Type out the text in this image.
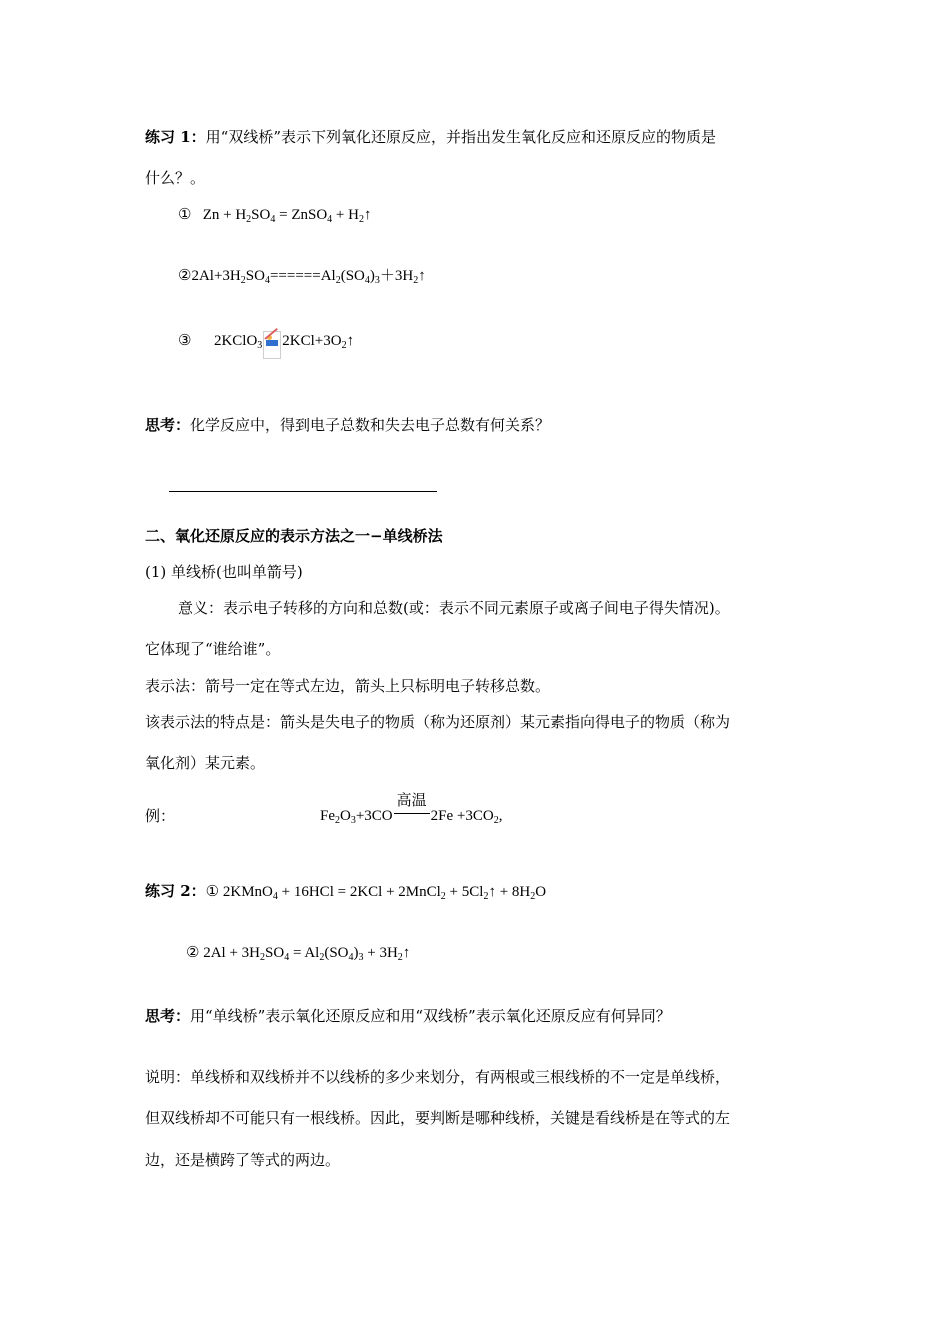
练习 1：用“双线桥”表示下列氧化还原反应，并指出发生氧化反应和还原反应的物质是
什么？。
① $Zn + H_2SO_4$ = ZnSO$_4$ + $H_2↑$
$②2Al+3H_2SO_4======Al_2(SO_4)_3+3H_2↑$
③ 2KClO$_3$ $2KCl+3O_2↑$
思考：化学反应中，得到电子总数和失去电子总数有何关系？
二、氧化还原反应的表示方法之一−单线桥法
(1) 单线桥(也叫单箭号)
意义：表示电子转移的方向和总数(或：表示不同元素原子或离子间电子得失情况)。
它体现了“谁给谁”。
表示法：箭号一定在等式左边，箭头上只标明电子转移总数。
该表示法的特点是：箭头是失电子的物质（称为还原剂）某元素指向得电子的物质（称为
氧化剂）某元素。
例：	$Fe_2O_3+3CO$
高温
$2Fe +3CO_2$,
练习 2：① 2KMnO$_4$ + 16HCl = 2KCl + 2MnCl$_2$ + $5Cl_2↑ + 8H_2O$
② $2Al + 3H_2SO_4 = Al_2(SO_4)_3$ + $3H_2↑$
思考：用“单线桥”表示氧化还原反应和用“双线桥”表示氧化还原反应有何异同？
说明：单线桥和双线桥并不以线桥的多少来划分，有两根或三根线桥的不一定是单线桥，
但双线桥却不可能只有一根线桥。因此，要判断是哪种线桥，关键是看线桥是在等式的左
边，还是横跨了等式的两边。
